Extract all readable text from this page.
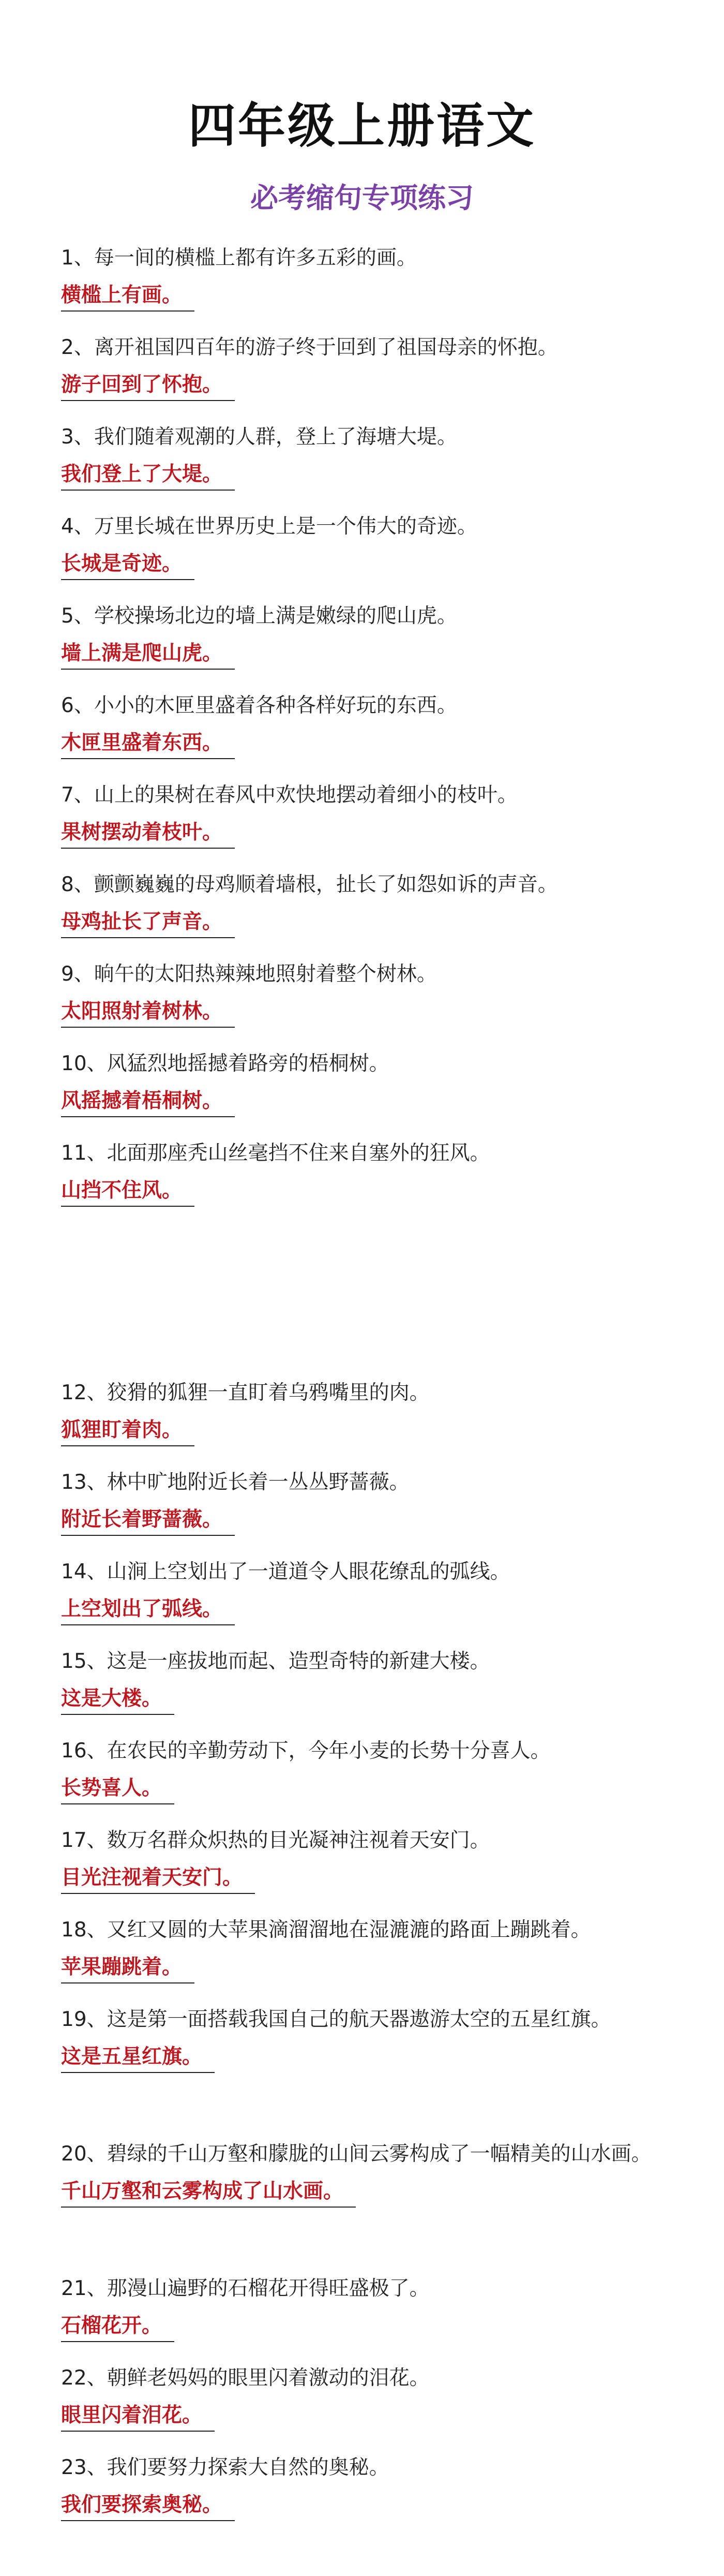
四年级上册语文
必考缩句专项练习
1、每一间的横槛上都有许多五彩的画。
横槛上有画。
2、离开祖国四百年的游子终于回到了祖国母亲的怀抱。
游子回到了怀抱。
3、我们随着观潮的人群，登上了海塘大堤。
我们登上了大堤。
4、万里长城在世界历史上是一个伟大的奇迹。
长城是奇迹。
5、学校操场北边的墙上满是嫩绿的爬山虎。
墙上满是爬山虎。
6、小小的木匣里盛着各种各样好玩的东西。
木匣里盛着东西。
7、山上的果树在春风中欢快地摆动着细小的枝叶。
果树摆动着枝叶。
8、颤颤巍巍的母鸡顺着墙根，扯长了如怨如诉的声音。
母鸡扯长了声音。
9、晌午的太阳热辣辣地照射着整个树林。
太阳照射着树林。
10、风猛烈地摇撼着路旁的梧桐树。
风摇撼着梧桐树。
11、北面那座秃山丝毫挡不住来自塞外的狂风。
山挡不住风。
12、狡猾的狐狸一直盯着乌鸦嘴里的肉。
狐狸盯着肉。
13、林中旷地附近长着一丛丛野蔷薇。
附近长着野蔷薇。
14、山涧上空划出了一道道令人眼花缭乱的弧线。
上空划出了弧线。
15、这是一座拔地而起、造型奇特的新建大楼。
这是大楼。
16、在农民的辛勤劳动下，今年小麦的长势十分喜人。
长势喜人。
17、数万名群众炽热的目光凝神注视着天安门。
目光注视着天安门。
18、又红又圆的大苹果滴溜溜地在湿漉漉的路面上蹦跳着。
苹果蹦跳着。
19、这是第一面搭载我国自己的航天器遨游太空的五星红旗。
这是五星红旗。
20、碧绿的千山万壑和朦胧的山间云雾构成了一幅精美的山水画。
千山万壑和云雾构成了山水画。
21、那漫山遍野的石榴花开得旺盛极了。
石榴花开。
22、朝鲜老妈妈的眼里闪着激动的泪花。
眼里闪着泪花。
23、我们要努力探索大自然的奥秘。
我们要探索奥秘。
